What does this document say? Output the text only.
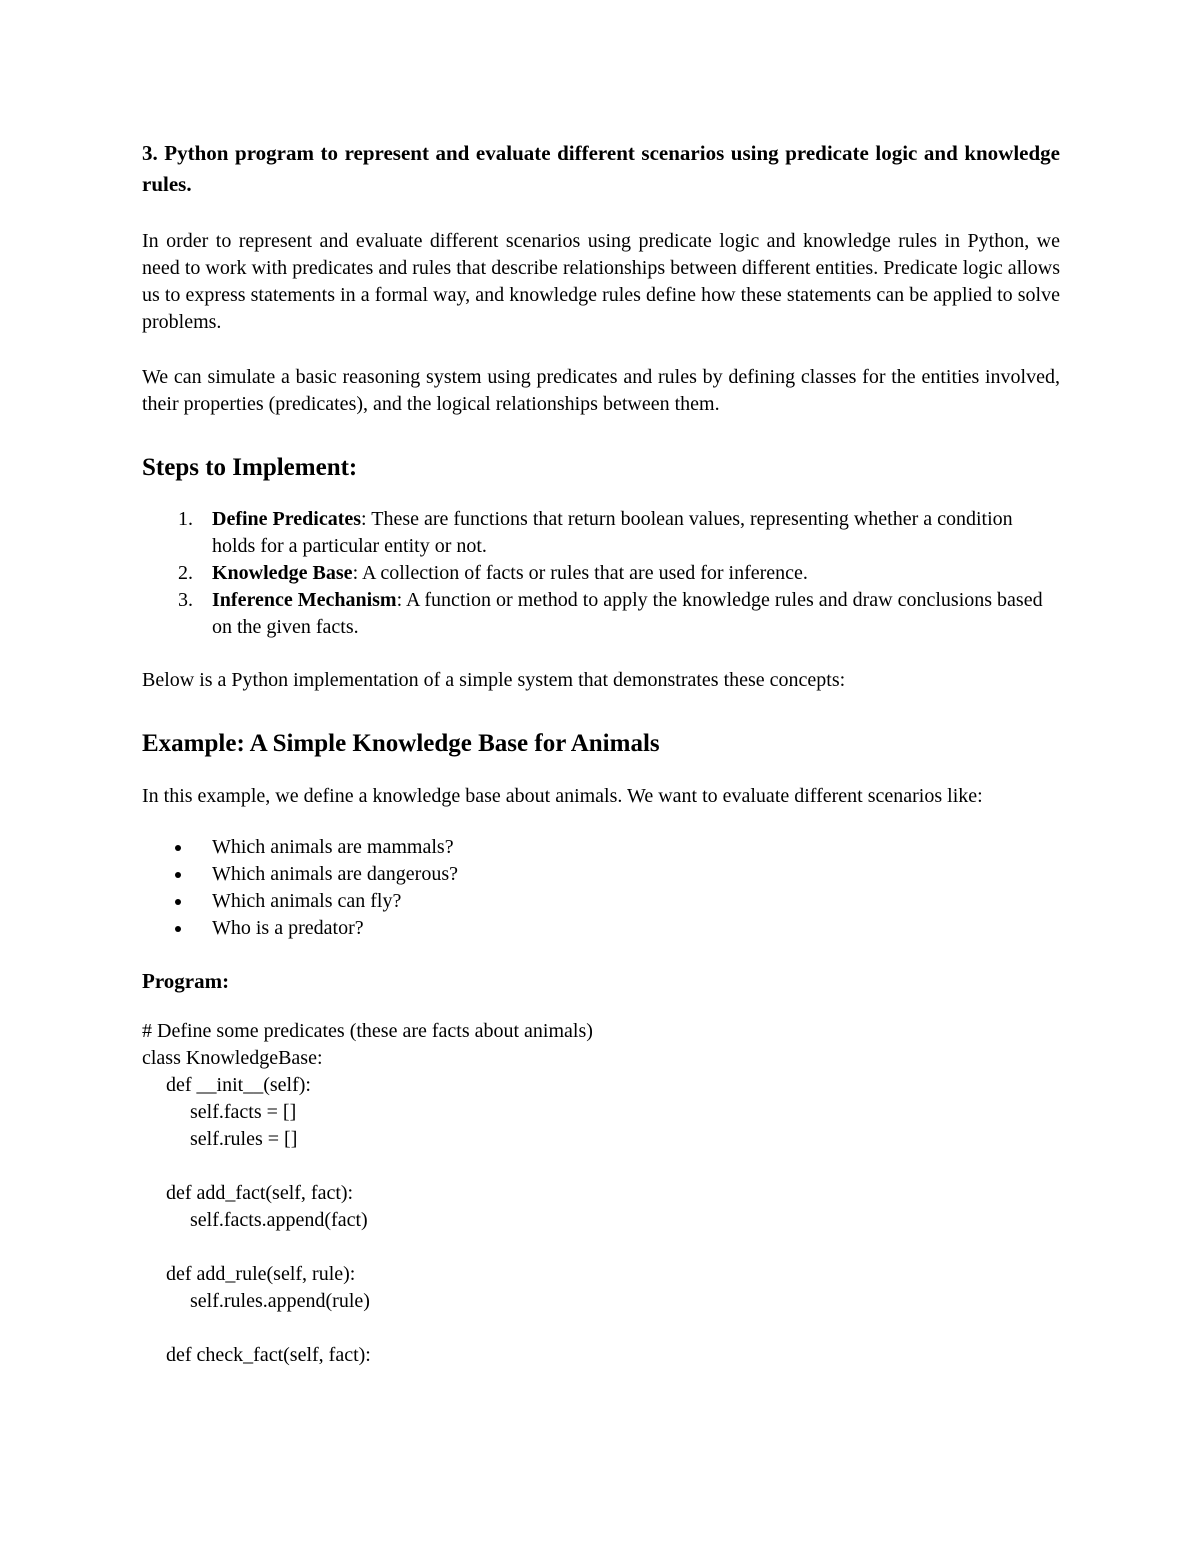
3. Python program to represent and evaluate different scenarios using predicate logic and knowledge rules.

In order to represent and evaluate different scenarios using predicate logic and knowledge rules in Python, we need to work with predicates and rules that describe relationships between different entities. Predicate logic allows us to express statements in a formal way, and knowledge rules define how these statements can be applied to solve problems.

We can simulate a basic reasoning system using predicates and rules by defining classes for the entities involved, their properties (predicates), and the logical relationships between them.

Steps to Implement:
1. Define Predicates: These are functions that return boolean values, representing whether a condition holds for a particular entity or not.
2. Knowledge Base: A collection of facts or rules that are used for inference.
3. Inference Mechanism: A function or method to apply the knowledge rules and draw conclusions based on the given facts.

Below is a Python implementation of a simple system that demonstrates these concepts:

Example: A Simple Knowledge Base for Animals

In this example, we define a knowledge base about animals. We want to evaluate different scenarios like:

Which animals are mammals?
Which animals are dangerous?
Which animals can fly?
Who is a predator?

Program:

# Define some predicates (these are facts about animals)
class KnowledgeBase:
def __init__(self):
self.facts = []
self.rules = []
def add_fact(self, fact):
self.facts.append(fact)
def add_rule(self, rule):
self.rules.append(rule)
def check_fact(self, fact):
